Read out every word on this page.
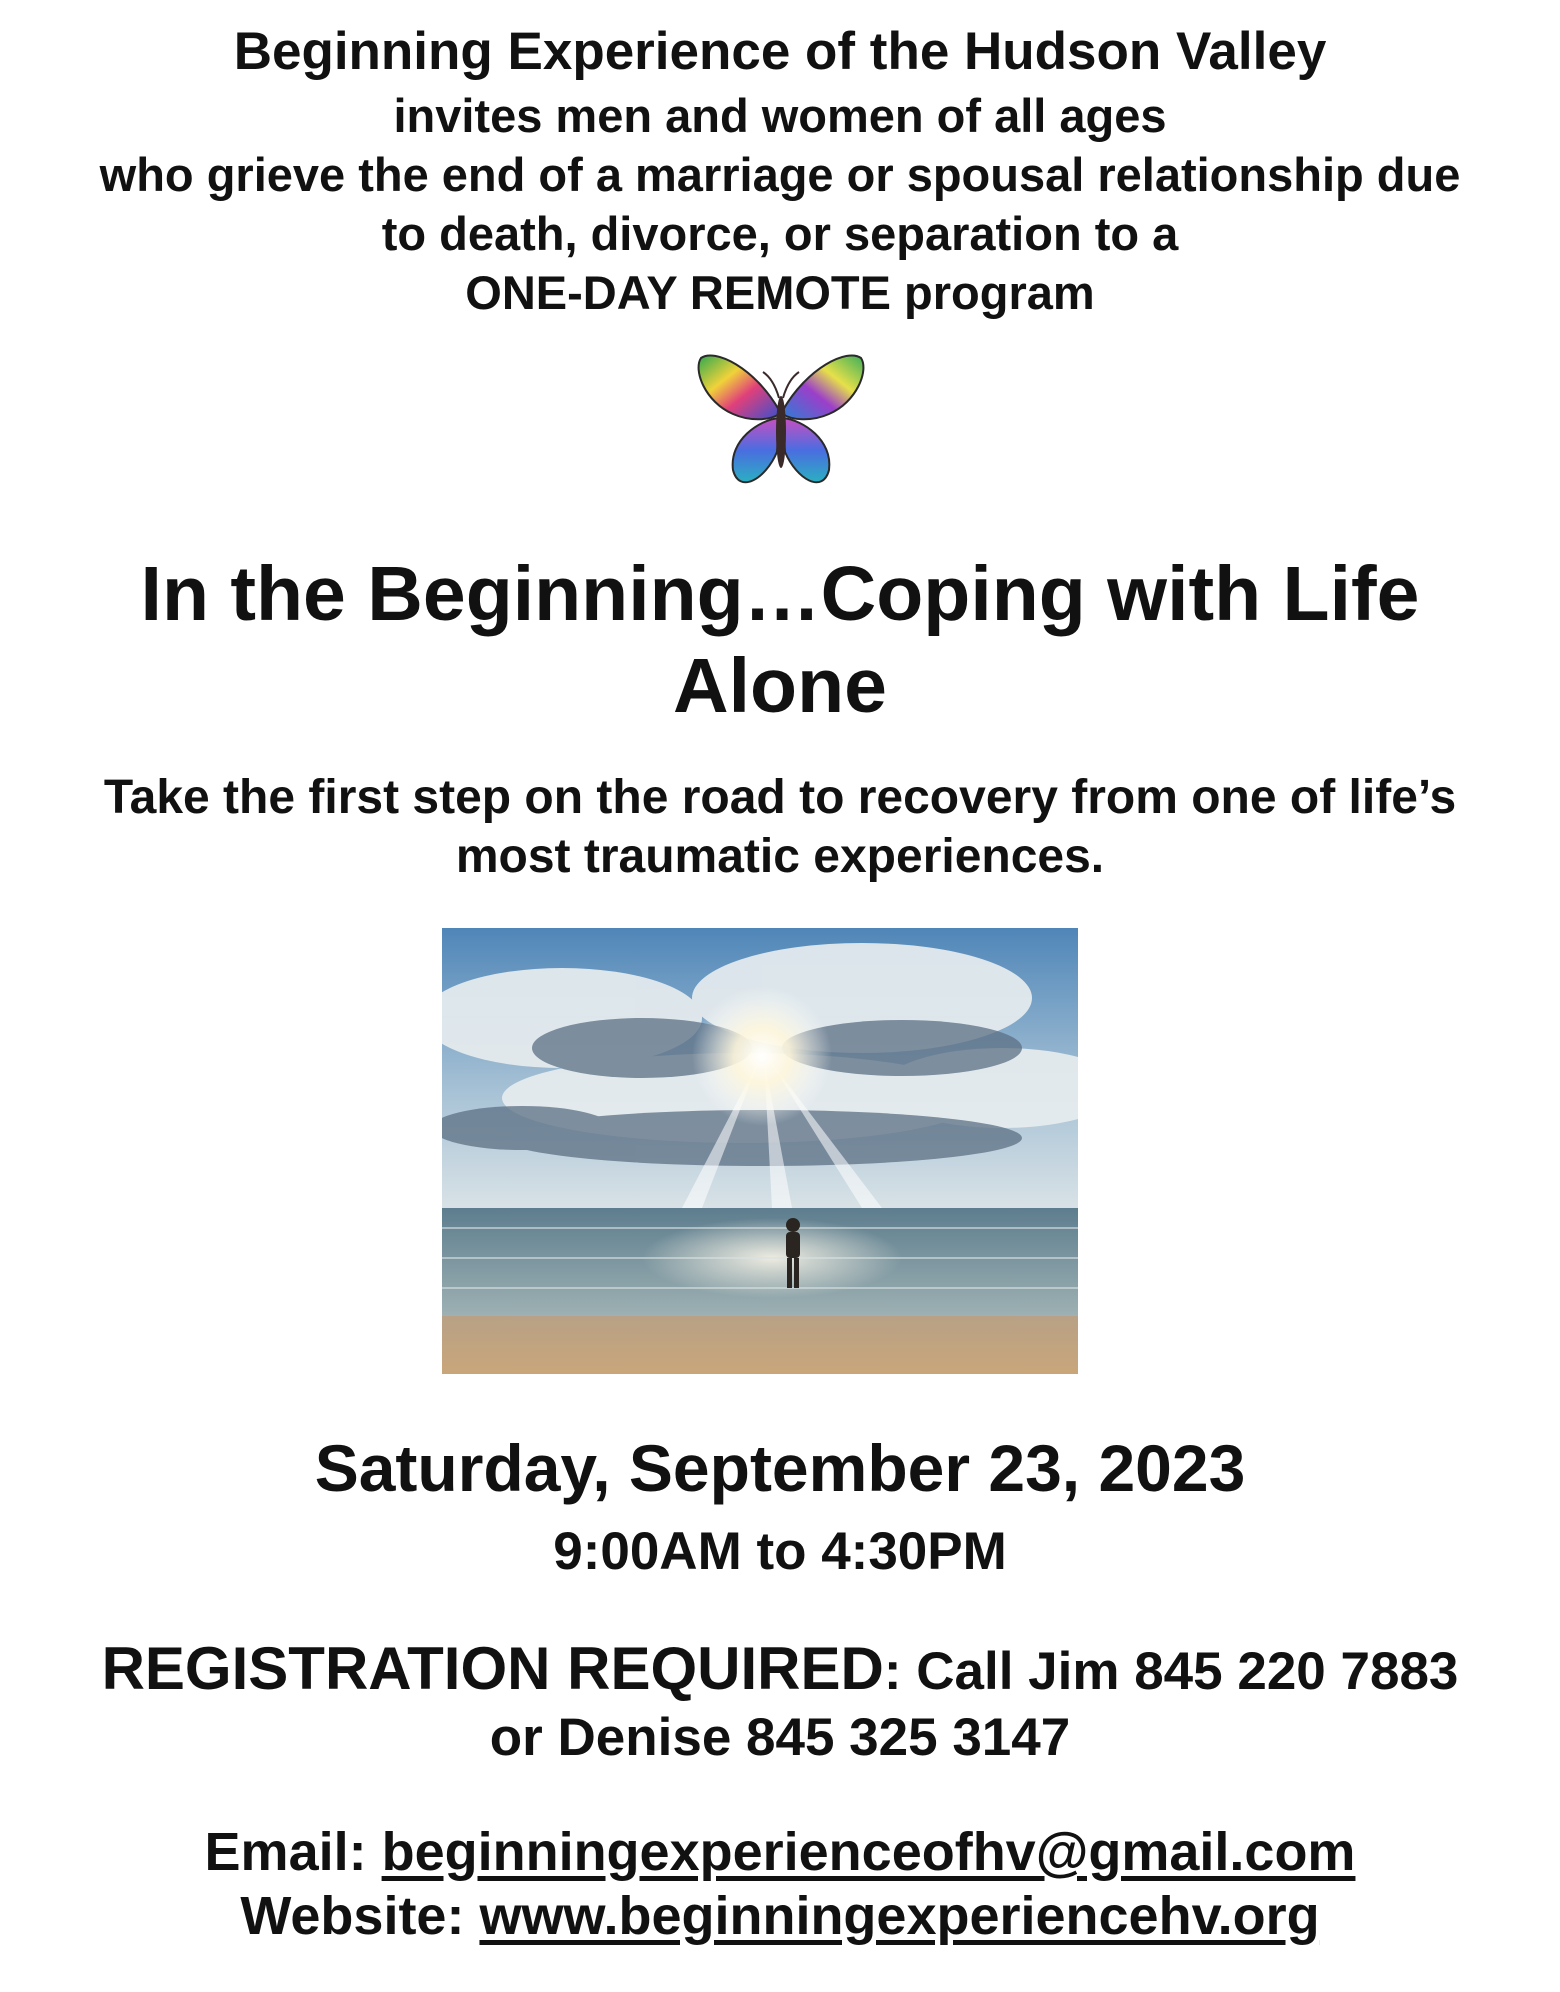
Beginning Experience of the Hudson Valley
invites men and women of all ages
who grieve the end of a marriage or spousal relationship due
to death, divorce, or separation to a
ONE-DAY REMOTE program
In the Beginning…Coping with Life
Alone
Take the first step on the road to recovery from one of life’s
most traumatic experiences.
Saturday, September 23, 2023
9:00AM to 4:30PM
REGISTRATION REQUIRED: Call Jim 845 220 7883
or Denise 845 325 3147
Email: beginningexperienceofhv@gmail.com
Website: www.beginningexperiencehv.org
